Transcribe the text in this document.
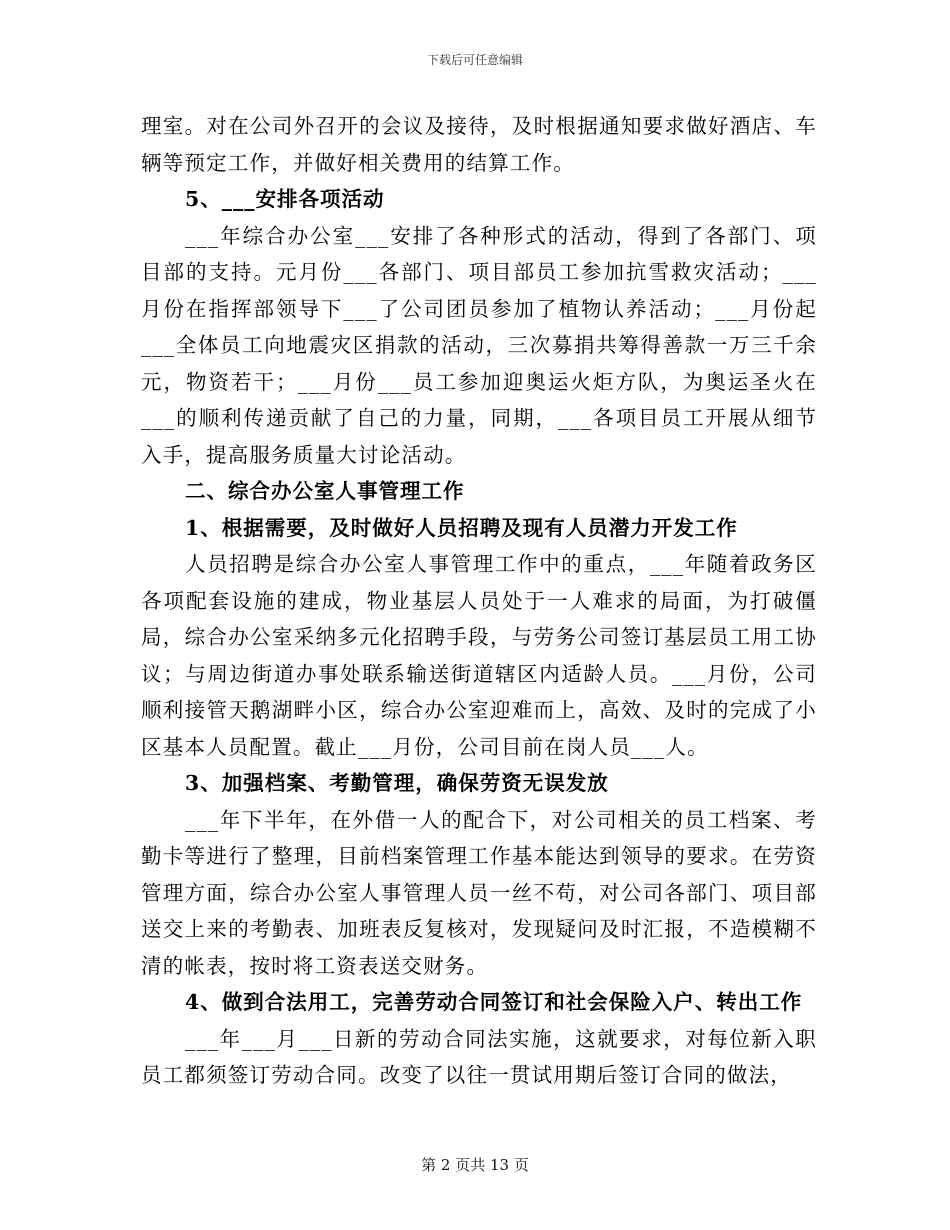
下载后可任意编辑

理室。对在公司外召开的会议及接待，及时根据通知要求做好酒店、车辆等预定工作，并做好相关费用的结算工作。

5、___安排各项活动

___年综合办公室___安排了各种形式的活动，得到了各部门、项目部的支持。元月份___各部门、项目部员工参加抗雪救灾活动；___月份在指挥部领导下___了公司团员参加了植物认养活动；___月份起___全体员工向地震灾区捐款的活动，三次募捐共筹得善款一万三千余元，物资若干；___月份___员工参加迎奥运火炬方队，为奥运圣火在___的顺利传递贡献了自己的力量，同期，___各项目员工开展从细节入手，提高服务质量大讨论活动。

二、综合办公室人事管理工作

1、根据需要，及时做好人员招聘及现有人员潜力开发工作

人员招聘是综合办公室人事管理工作中的重点，___年随着政务区各项配套设施的建成，物业基层人员处于一人难求的局面，为打破僵局，综合办公室采纳多元化招聘手段，与劳务公司签订基层员工用工协议；与周边街道办事处联系输送街道辖区内适龄人员。___月份，公司顺利接管天鹅湖畔小区，综合办公室迎难而上，高效、及时的完成了小区基本人员配置。截止___月份，公司目前在岗人员___人。

3、加强档案、考勤管理，确保劳资无误发放

___年下半年，在外借一人的配合下，对公司相关的员工档案、考勤卡等进行了整理，目前档案管理工作基本能达到领导的要求。在劳资管理方面，综合办公室人事管理人员一丝不苟，对公司各部门、项目部送交上来的考勤表、加班表反复核对，发现疑问及时汇报，不造模糊不清的帐表，按时将工资表送交财务。

4、做到合法用工，完善劳动合同签订和社会保险入户、转出工作

___年___月___日新的劳动合同法实施，这就要求，对每位新入职员工都须签订劳动合同。改变了以往一贯试用期后签订合同的做法，

第 2 页共 13 页
